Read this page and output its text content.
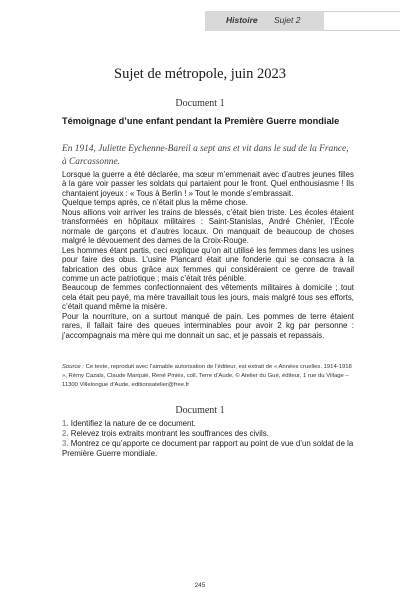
Histoire Sujet 2
Sujet de métropole, juin 2023
Document 1
Témoignage d’une enfant pendant la Première Guerre mondiale
En 1914, Juliette Eychenne-Bareil a sept ans et vit dans le sud de la France, à Carcassonne.

Lorsque la guerre a été déclarée, ma sœur m’emmenait avec d’autres jeunes filles à la gare voir passer les soldats qui partaient pour le front. Quel enthousiasme ! Ils chantaient joyeux : « Tous à Berlin ! » Tout le monde s’embrassait.

Quelque temps après, ce n’était plus la même chose.

Nous allions voir arriver les trains de blessés, c’était bien triste. Les écoles étaient transformées en hôpitaux militaires : Saint-Stanislas, André Chénier, l’École normale de garçons et d’autres locaux. On manquait de beaucoup de choses malgré le dévouement des dames de la Croix-Rouge.

Les hommes étant partis, ceci explique qu’on ait utilisé les femmes dans les usines pour faire des obus. L’usine Plancard était une fonderie qui se consacra à la fabrication des obus grâce aux femmes qui considéraient ce genre de travail comme un acte patriotique ; mais c’était très pénible.

Beaucoup de femmes confectionnaient des vêtements militaires à domicile ; tout cela était peu payé, ma mère travaillait tous les jours, mais malgré tous ses efforts, c’était quand même la misère.

Pour la nourriture, on a surtout manqué de pain. Les pommes de terre étaient rares, il fallait faire des queues interminables pour avoir 2 kg par personne : j’accompagnais ma mère qui me donnait un sac, et je passais et repassais.

Source : Ce texte, reproduit avec l’aimable autorisation de l’éditeur, est extrait de « Années cruelles. 1914-1918 », Rémy Cazals, Claude Marquié, René Piniès, coll. Terre d’Aude, © Atelier du Gué, éditeur, 1 rue du Village – 11300 Villelongue d’Aude, editionsatelier@free.fr
Document 1
1. Identifiez la nature de ce document.
2. Relevez trois extraits montrant les souffrances des civils.
3. Montrez ce qu’apporte ce document par rapport au point de vue d’un soldat de la Première Guerre mondiale.
245
